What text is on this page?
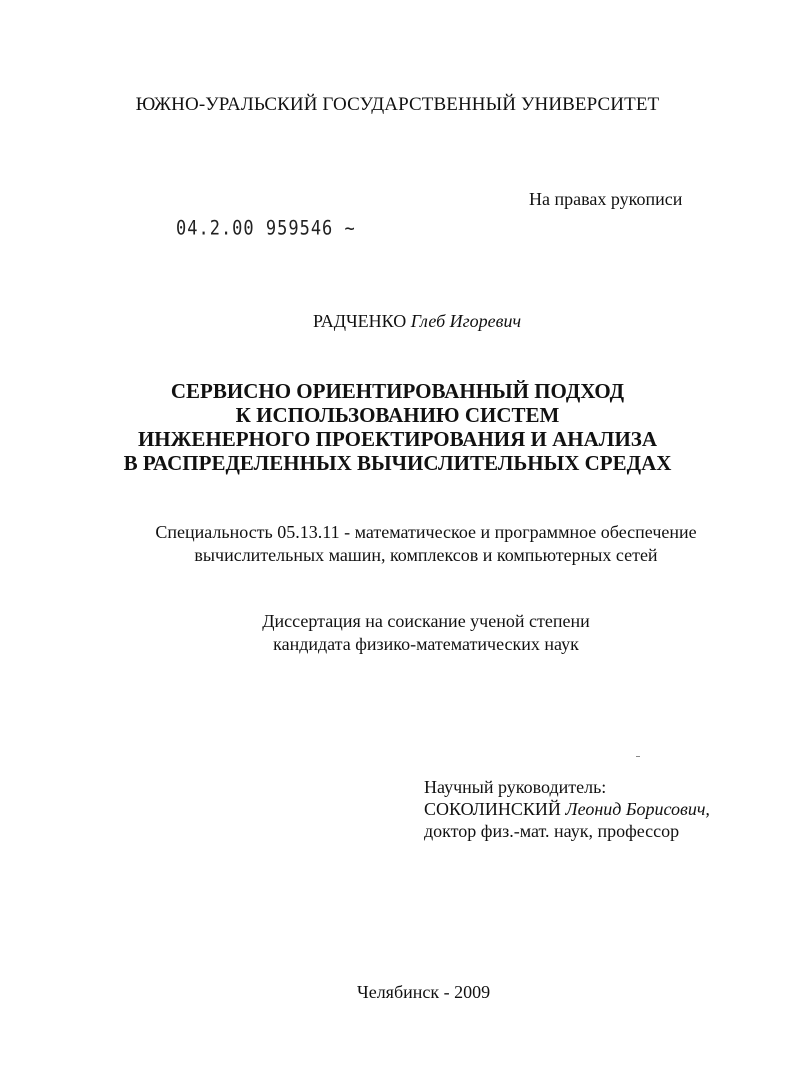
ЮЖНО-УРАЛЬСКИЙ ГОСУДАРСТВЕННЫЙ УНИВЕРСИТЕТ

На правах рукописи

04.2.00 959546 ~

РАДЧЕНКО Глеб Игоревич

СЕРВИСНО ОРИЕНТИРОВАННЫЙ ПОДХОД
К ИСПОЛЬЗОВАНИЮ СИСТЕМ
ИНЖЕНЕРНОГО ПРОЕКТИРОВАНИЯ И АНАЛИЗА
В РАСПРЕДЕЛЕННЫХ ВЫЧИСЛИТЕЛЬНЫХ СРЕДАХ
Специальность 05.13.11 - математическое и программное обеспечение
вычислительных машин, комплексов и компьютерных сетей
Диссертация на соискание ученой степени
кандидата физико-математических наук
Научный руководитель:
СОКОЛИНСКИЙ Леонид Борисович,
доктор физ.-мат. наук, профессор

Челябинск - 2009
